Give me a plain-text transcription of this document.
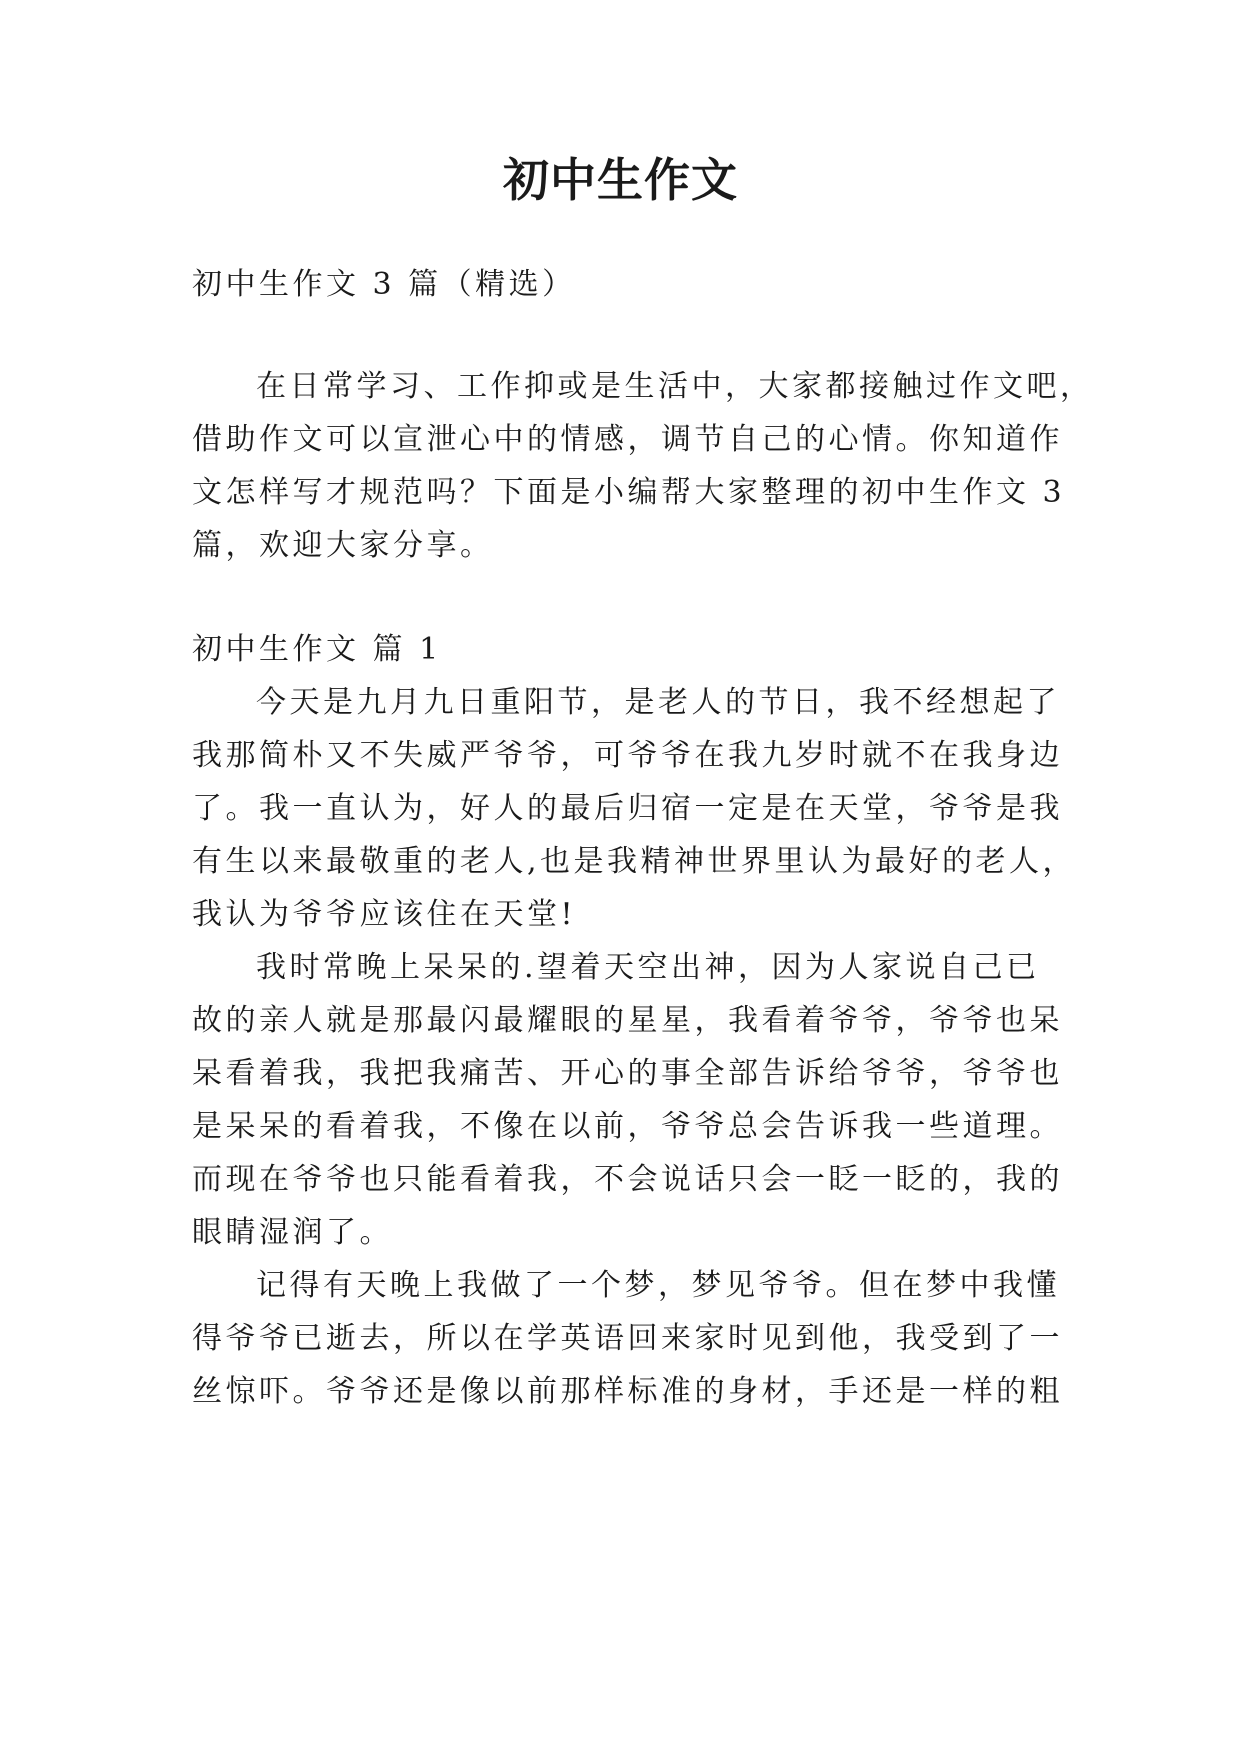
初中生作文
初中生作文 3 篇（精选）
在日常学习、工作抑或是生活中，大家都接触过作文吧，
借助作文可以宣泄心中的情感，调节自己的心情。你知道作
文怎样写才规范吗？下面是小编帮大家整理的初中生作文 3
篇，欢迎大家分享。
初中生作文 篇 1
今天是九月九日重阳节，是老人的节日，我不经想起了
我那简朴又不失威严爷爷，可爷爷在我九岁时就不在我身边
了。我一直认为，好人的最后归宿一定是在天堂，爷爷是我
有生以来最敬重的老人,也是我精神世界里认为最好的老人，
我认为爷爷应该住在天堂!
我时常晚上呆呆的.望着天空出神，因为人家说自己已
故的亲人就是那最闪最耀眼的星星，我看着爷爷，爷爷也呆
呆看着我，我把我痛苦、开心的事全部告诉给爷爷，爷爷也
是呆呆的看着我，不像在以前，爷爷总会告诉我一些道理。
而现在爷爷也只能看着我，不会说话只会一眨一眨的，我的
眼睛湿润了。
记得有天晚上我做了一个梦，梦见爷爷。但在梦中我懂
得爷爷已逝去，所以在学英语回来家时见到他，我受到了一
丝惊吓。爷爷还是像以前那样标准的身材，手还是一样的粗
